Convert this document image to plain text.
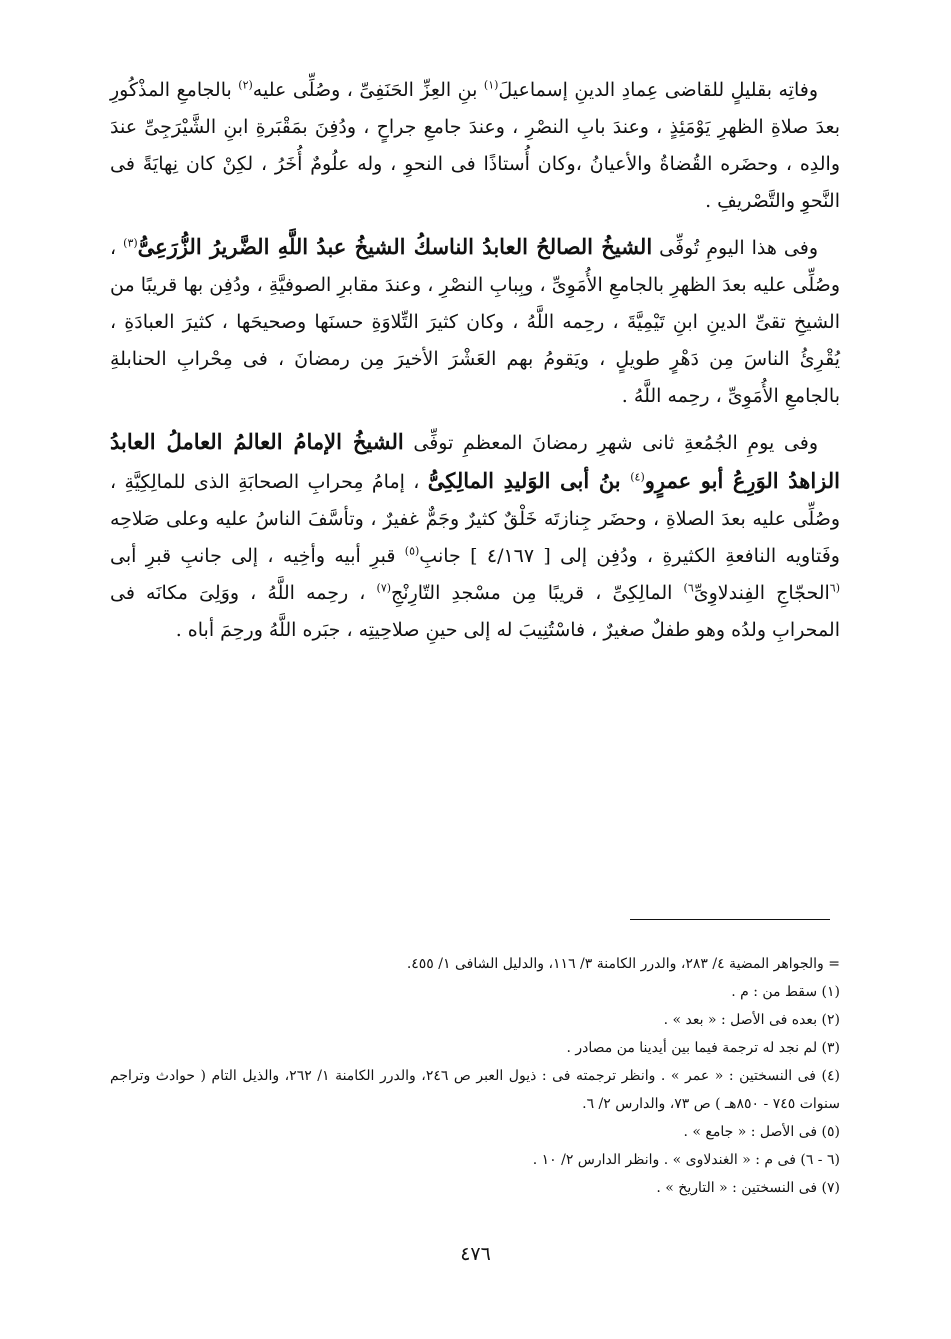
وفاتِه بقليلٍ للقاضى عِمادِ الدينِ إسماعيلَ$^{(١)}$ بنِ العِزِّ الحَنَفِىِّ ، وصُلِّى عليه$^{(٢)}$ بالجامعِ المذْكُورِ بعدَ صلاةِ الظهرِ يَوْمَئِذٍ ، وعندَ بابِ النصْرِ ، وعندَ جامعِ جراحٍ ، ودُفِنَ بمَقْبَرةِ ابنِ الشَّيْرَجِىِّ عندَ والدِه ، وحضَره القُضاةُ والأعيانُ ،وكان أُستاذًا فى النحوِ ، وله علُومٌ أُخَرُ ، لكِنْ كان نِهايَةً فى النَّحوِ والتَّصْريفِ .

وفى هذا اليومِ تُوفِّى الشيخُ الصالحُ العابدُ الناسكُ الشيخُ عبدُ اللَّهِ الضَّريرُ الزُّرَعِىُّ$^{(٣)}$ ، وصُلِّى عليه بعدَ الظهرِ بالجامعِ الأُمَوِىِّ ، وبِبابِ النصْرِ ، وعندَ مقابرِ الصوفيَّةِ ، ودُفِن بها قريبًا من الشيخِ تقىِّ الدينِ ابنِ تَيْمِيَّةَ ، رحِمه اللَّهُ ، وكان كثيرَ التِّلاوَةِ حسنَها وصحيحَها ، كثيرَ العبادَةِ ، يُقْرِئُ الناسَ مِن دَهْرٍ طويلٍ ، ويَقومُ بهم العَشْرَ الأخيرَ مِن رمضانَ ، فى مِحْرابِ الحنابلةِ بالجامعِ الأُمَوِىِّ ، رحِمه اللَّهُ .

وفى يومِ الجُمُعةِ ثانى شهرِ رمضانَ المعظمِ توفِّى الشيخُ الإمامُ العالمُ العاملُ العابدُ الزاهدُ الوَرِعُ أبو عمرٍو$^{(٤)}$ بنُ أبى الوَليدِ المالِكِىُّ ، إمامُ مِحرابِ الصحابَةِ الذى للمالِكِيَّةِ ، وصُلِّى عليه بعدَ الصلاةِ ، وحضَر جِنازتَه خَلْقٌ كثيرٌ وجَمٌّ غفيرٌ ، وتأسَّفَ الناسُ عليه وعلى صَلاحِه وفَتاويه النافعةِ الكثيرةِ ، ودُفِن إلى [ ٤/١٦٧ ] جانبِ$^{(٥)}$ قبرِ أبيه وأخِيه ، إلى جانبِ قبرِ أبى $^{(٦}$الحجّاجِ الفِندلاوِىِّ$^{٦)}$ المالِكِىِّ ، قريبًا مِن مسْجدِ التّارِنْجِ$^{(٧)}$ ، رحِمه اللَّهُ ، ووَلِىَ مكانَه فى المحرابِ ولدُه وهو طفلٌ صغيرٌ ، فاسْتُنِيبَ له إلى حينِ صلاحِيتِه ، جبَره اللَّهُ ورحِمَ أباه .

= والجواهر المضية ٤/ ٢٨٣، والدرر الكامنة ٣/ ١١٦، والدليل الشافى ١/ ٤٥٥.

(١) سقط من : م .

(٢) بعده فى الأصل : « بعد » .

(٣) لم نجد له ترجمة فيما بين أيدينا من مصادر .

(٤) فى النسختين : « عمر » . وانظر ترجمته فى : ذيول العبر ص ٢٤٦، والدرر الكامنة ١/ ٢٦٢، والذيل التام ( حوادث وتراجم سنوات ٧٤٥ - ٨٥٠هـ ) ص ٧٣، والدارس ٢/ ٦.

(٥) فى الأصل : « جامع » .

(٦ - ٦) فى م : « الغندلاوى » . وانظر الدارس ٢/ ١٠ .

(٧) فى النسختين : « التاريخ » .

٤٧٦
